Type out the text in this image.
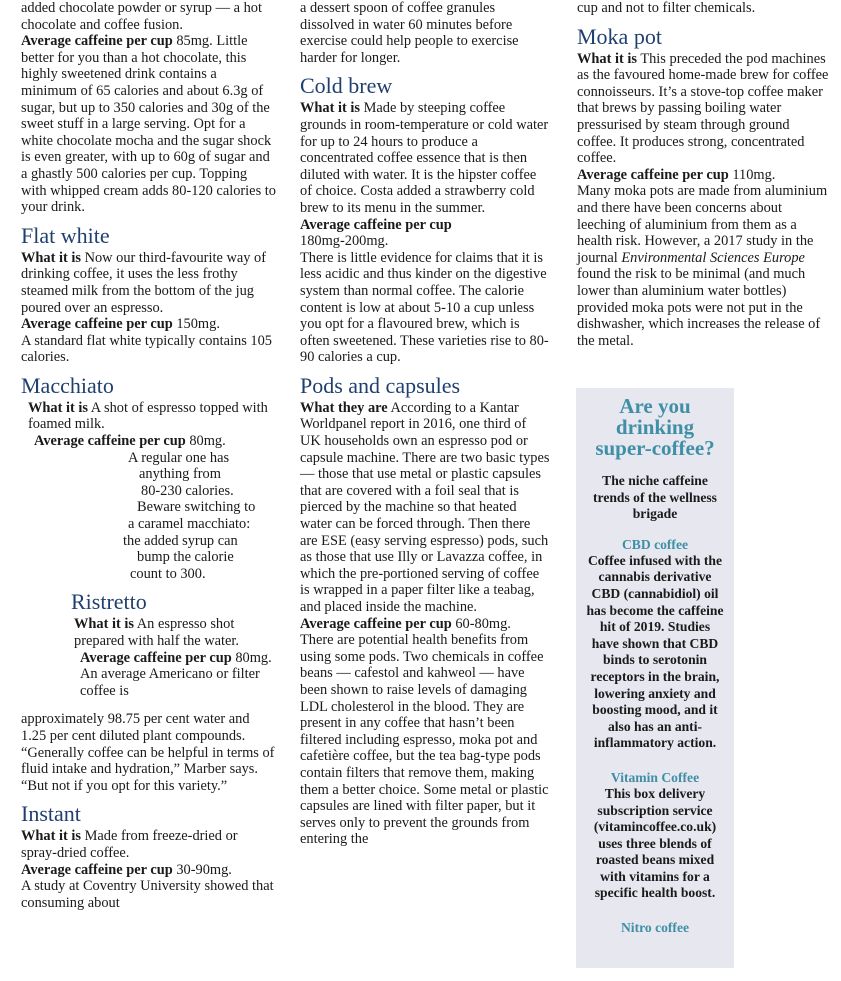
added chocolate powder or syrup — a hot chocolate and coffee fusion.
Average caffeine per cup 85mg. Little better for you than a hot chocolate, this highly sweetened drink contains a minimum of 65 calories and about 6.3g of sugar, but up to 350 calories and 30g of the sweet stuff in a large serving. Opt for a white chocolate mocha and the sugar shock is even greater, with up to 60g of sugar and a ghastly 500 calories per cup. Topping with whipped cream adds 80-120 calories to your drink.

Flat white

What it is Now our third-favourite way of drinking coffee, it uses the less frothy steamed milk from the bottom of the jug poured over an espresso.
Average caffeine per cup 150mg.
A standard flat white typically contains 105 calories.

Macchiato

What it is A shot of espresso topped with foamed milk.

Average caffeine per cup 80mg.

A regular one has

anything from

80-230 calories.

Beware switching to

a caramel macchiato:

the added syrup can

bump the calorie

count to 300.

Ristretto

What it is An espresso shot prepared with half the water.

Average caffeine per cup 80mg. An average Americano or filter coffee is

approximately 98.75 per cent water and 1.25 per cent diluted plant compounds. “Generally coffee can be helpful in terms of fluid intake and hydration,” Marber says. “But not if you opt for this variety.”

Instant

What it is Made from freeze-dried or spray-dried coffee.
Average caffeine per cup 30-90mg.
A study at Coventry University showed that consuming about

a dessert spoon of coffee granules dissolved in water 60 minutes before exercise could help people to exercise harder for longer.

Cold brew

What it is Made by steeping coffee grounds in room-temperature or cold water for up to 24 hours to produce a concentrated coffee essence that is then diluted with water. It is the hipster coffee of choice. Costa added a strawberry cold brew to its menu in the summer.
Average caffeine per cup
180mg-200mg.
There is little evidence for claims that it is less acidic and thus kinder on the digestive system than normal coffee. The calorie content is low at about 5-10 a cup unless you opt for a flavoured brew, which is often sweetened. These varieties rise to 80-90 calories a cup.

Pods and capsules

What they are According to a Kantar Worldpanel report in 2016, one third of UK households own an espresso pod or capsule machine. There are two basic types — those that use metal or plastic capsules that are covered with a foil seal that is pierced by the machine so that heated water can be forced through. Then there are ESE (easy serving espresso) pods, such as those that use Illy or Lavazza coffee, in which the pre-portioned serving of coffee is wrapped in a paper filter like a teabag, and placed inside the machine.
Average caffeine per cup 60-80mg.
There are potential health benefits from using some pods. Two chemicals in coffee beans — cafestol and kahweol — have been shown to raise levels of damaging LDL cholesterol in the blood. They are present in any coffee that hasn’t been filtered including espresso, moka pot and cafetière coffee, but the tea bag-type pods contain filters that remove them, making them a better choice. Some metal or plastic capsules are lined with filter paper, but it serves only to prevent the grounds from entering the

cup and not to filter chemicals.

Moka pot

What it is This preceded the pod machines as the favoured home-made brew for coffee connoisseurs. It’s a stove-top coffee maker that brews by passing boiling water pressurised by steam through ground coffee. It produces strong, concentrated coffee.
Average caffeine per cup 110mg.
Many moka pots are made from aluminium and there have been concerns about leeching of aluminium from them as a health risk. However, a 2017 study in the journal Environmental Sciences Europe found the risk to be minimal (and much lower than aluminium water bottles) provided moka pots were not put in the dishwasher, which increases the release of the metal.

Are you drinking super-coffee?

The niche caffeine trends of the wellness brigade

CBD coffee

Coffee infused with the cannabis derivative CBD (cannabidiol) oil has become the caffeine hit of 2019. Studies have shown that CBD binds to serotonin receptors in the brain, lowering anxiety and boosting mood, and it also has an anti-inflammatory action.

Vitamin Coffee

This box delivery subscription service (vitamincoffee.co.uk) uses three blends of roasted beans mixed with vitamins for a specific health boost.

Nitro coffee
